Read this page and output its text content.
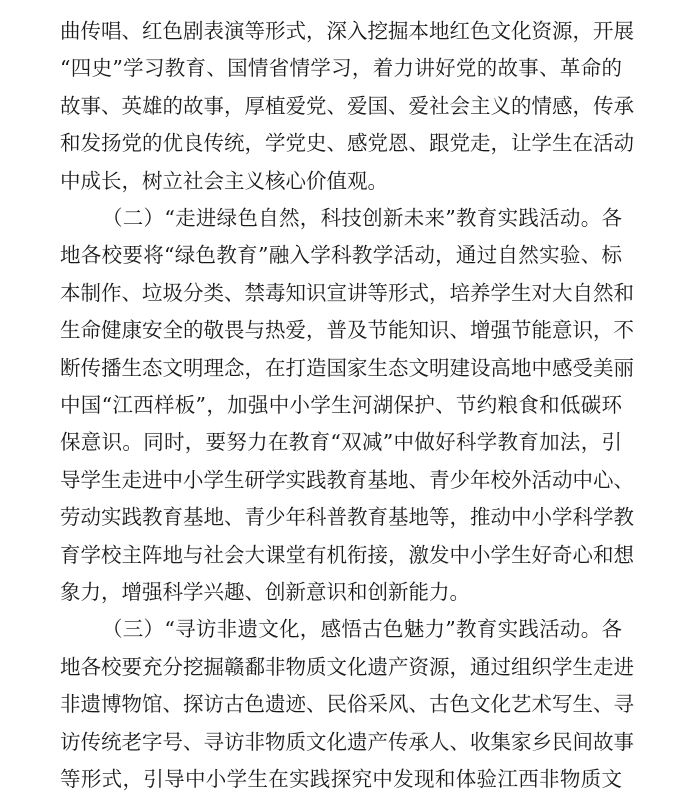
曲传唱、红色剧表演等形式，深入挖掘本地红色文化资源，开展
“四史”学习教育、国情省情学习，着力讲好党的故事、革命的
故事、英雄的故事，厚植爱党、爱国、爱社会主义的情感，传承
和发扬党的优良传统，学党史、感党恩、跟党走，让学生在活动
中成长，树立社会主义核心价值观。
（二）“走进绿色自然，科技创新未来”教育实践活动。各
地各校要将“绿色教育”融入学科教学活动，通过自然实验、标
本制作、垃圾分类、禁毒知识宣讲等形式，培养学生对大自然和
生命健康安全的敬畏与热爱，普及节能知识、增强节能意识，不
断传播生态文明理念，在打造国家生态文明建设高地中感受美丽
中国“江西样板”，加强中小学生河湖保护、节约粮食和低碳环
保意识。同时，要努力在教育“双减”中做好科学教育加法，引
导学生走进中小学生研学实践教育基地、青少年校外活动中心、
劳动实践教育基地、青少年科普教育基地等，推动中小学科学教
育学校主阵地与社会大课堂有机衔接，激发中小学生好奇心和想
象力，增强科学兴趣、创新意识和创新能力。
（三）“寻访非遗文化，感悟古色魅力”教育实践活动。各
地各校要充分挖掘赣鄱非物质文化遗产资源，通过组织学生走进
非遗博物馆、探访古色遗迹、民俗采风、古色文化艺术写生、寻
访传统老字号、寻访非物质文化遗产传承人、收集家乡民间故事
等形式，引导中小学生在实践探究中发现和体验江西非物质文
